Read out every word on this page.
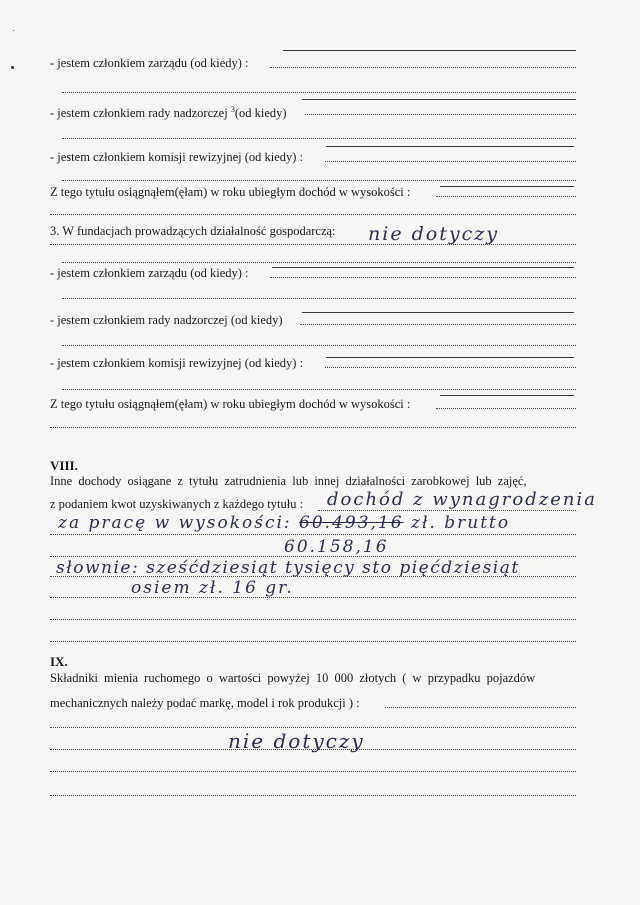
- jestem członkiem zarządu (od kiedy) :
- jestem członkiem rady nadzorczej $^3$(od kiedy)
- jestem członkiem komisji rewizyjnej (od kiedy) :
Z tego tytułu osiągnąłem(ęłam) w roku ubiegłym dochód w wysokości :
3. W fundacjach prowadzących działalność gospodarczą: nie dotyczy
- jestem członkiem zarządu (od kiedy) :
- jestem członkiem rady nadzorczej (od kiedy)
- jestem członkiem komisji rewizyjnej (od kiedy) :
Z tego tytułu osiągnąłem(ęłam) w roku ubiegłym dochód w wysokości :
VIII.
Inne dochody osiągane z tytułu zatrudnienia lub innej działalności zarobkowej lub zajęć,
z podaniem kwot uzyskiwanych z każdego tytułu : dochód z wynagrodzenia
za pracę w wysokości: 60.493,16 zł. brutto
60.158,16
słownie: sześćdziesiąt tysięcy sto pięćdziesiąt
osiem zł. 16 gr.
IX.
Składniki mienia ruchomego o wartości powyżej 10 000 złotych ( w przypadku pojazdów
mechanicznych należy podać markę, model i rok produkcji ) :
nie dotyczy
